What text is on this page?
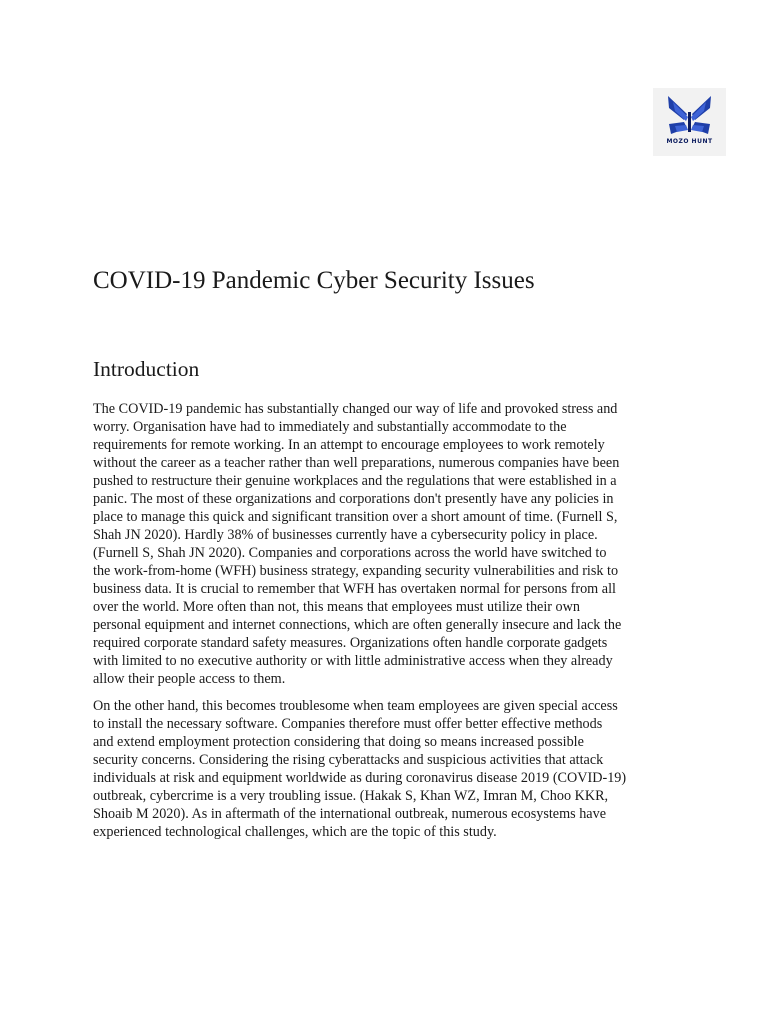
MOZO HUNT
COVID-19 Pandemic Cyber Security Issues
Introduction

The COVID-19 pandemic has substantially changed our way of life and provoked stress and
worry. Organisation have had to immediately and substantially accommodate to the
requirements for remote working. In an attempt to encourage employees to work remotely
without the career as a teacher rather than well preparations, numerous companies have been
pushed to restructure their genuine workplaces and the regulations that were established in a
panic. The most of these organizations and corporations don't presently have any policies in
place to manage this quick and significant transition over a short amount of time. (Furnell S,
Shah JN 2020). Hardly 38% of businesses currently have a cybersecurity policy in place.
(Furnell S, Shah JN 2020). Companies and corporations across the world have switched to
the work-from-home (WFH) business strategy, expanding security vulnerabilities and risk to
business data. It is crucial to remember that WFH has overtaken normal for persons from all
over the world. More often than not, this means that employees must utilize their own
personal equipment and internet connections, which are often generally insecure and lack the
required corporate standard safety measures. Organizations often handle corporate gadgets
with limited to no executive authority or with little administrative access when they already
allow their people access to them.

On the other hand, this becomes troublesome when team employees are given special access
to install the necessary software. Companies therefore must offer better effective methods
and extend employment protection considering that doing so means increased possible
security concerns. Considering the rising cyberattacks and suspicious activities that attack
individuals at risk and equipment worldwide as during coronavirus disease 2019 (COVID-19)
outbreak, cybercrime is a very troubling issue. (Hakak S, Khan WZ, Imran M, Choo KKR,
Shoaib M 2020). As in aftermath of the international outbreak, numerous ecosystems have
experienced technological challenges, which are the topic of this study.
